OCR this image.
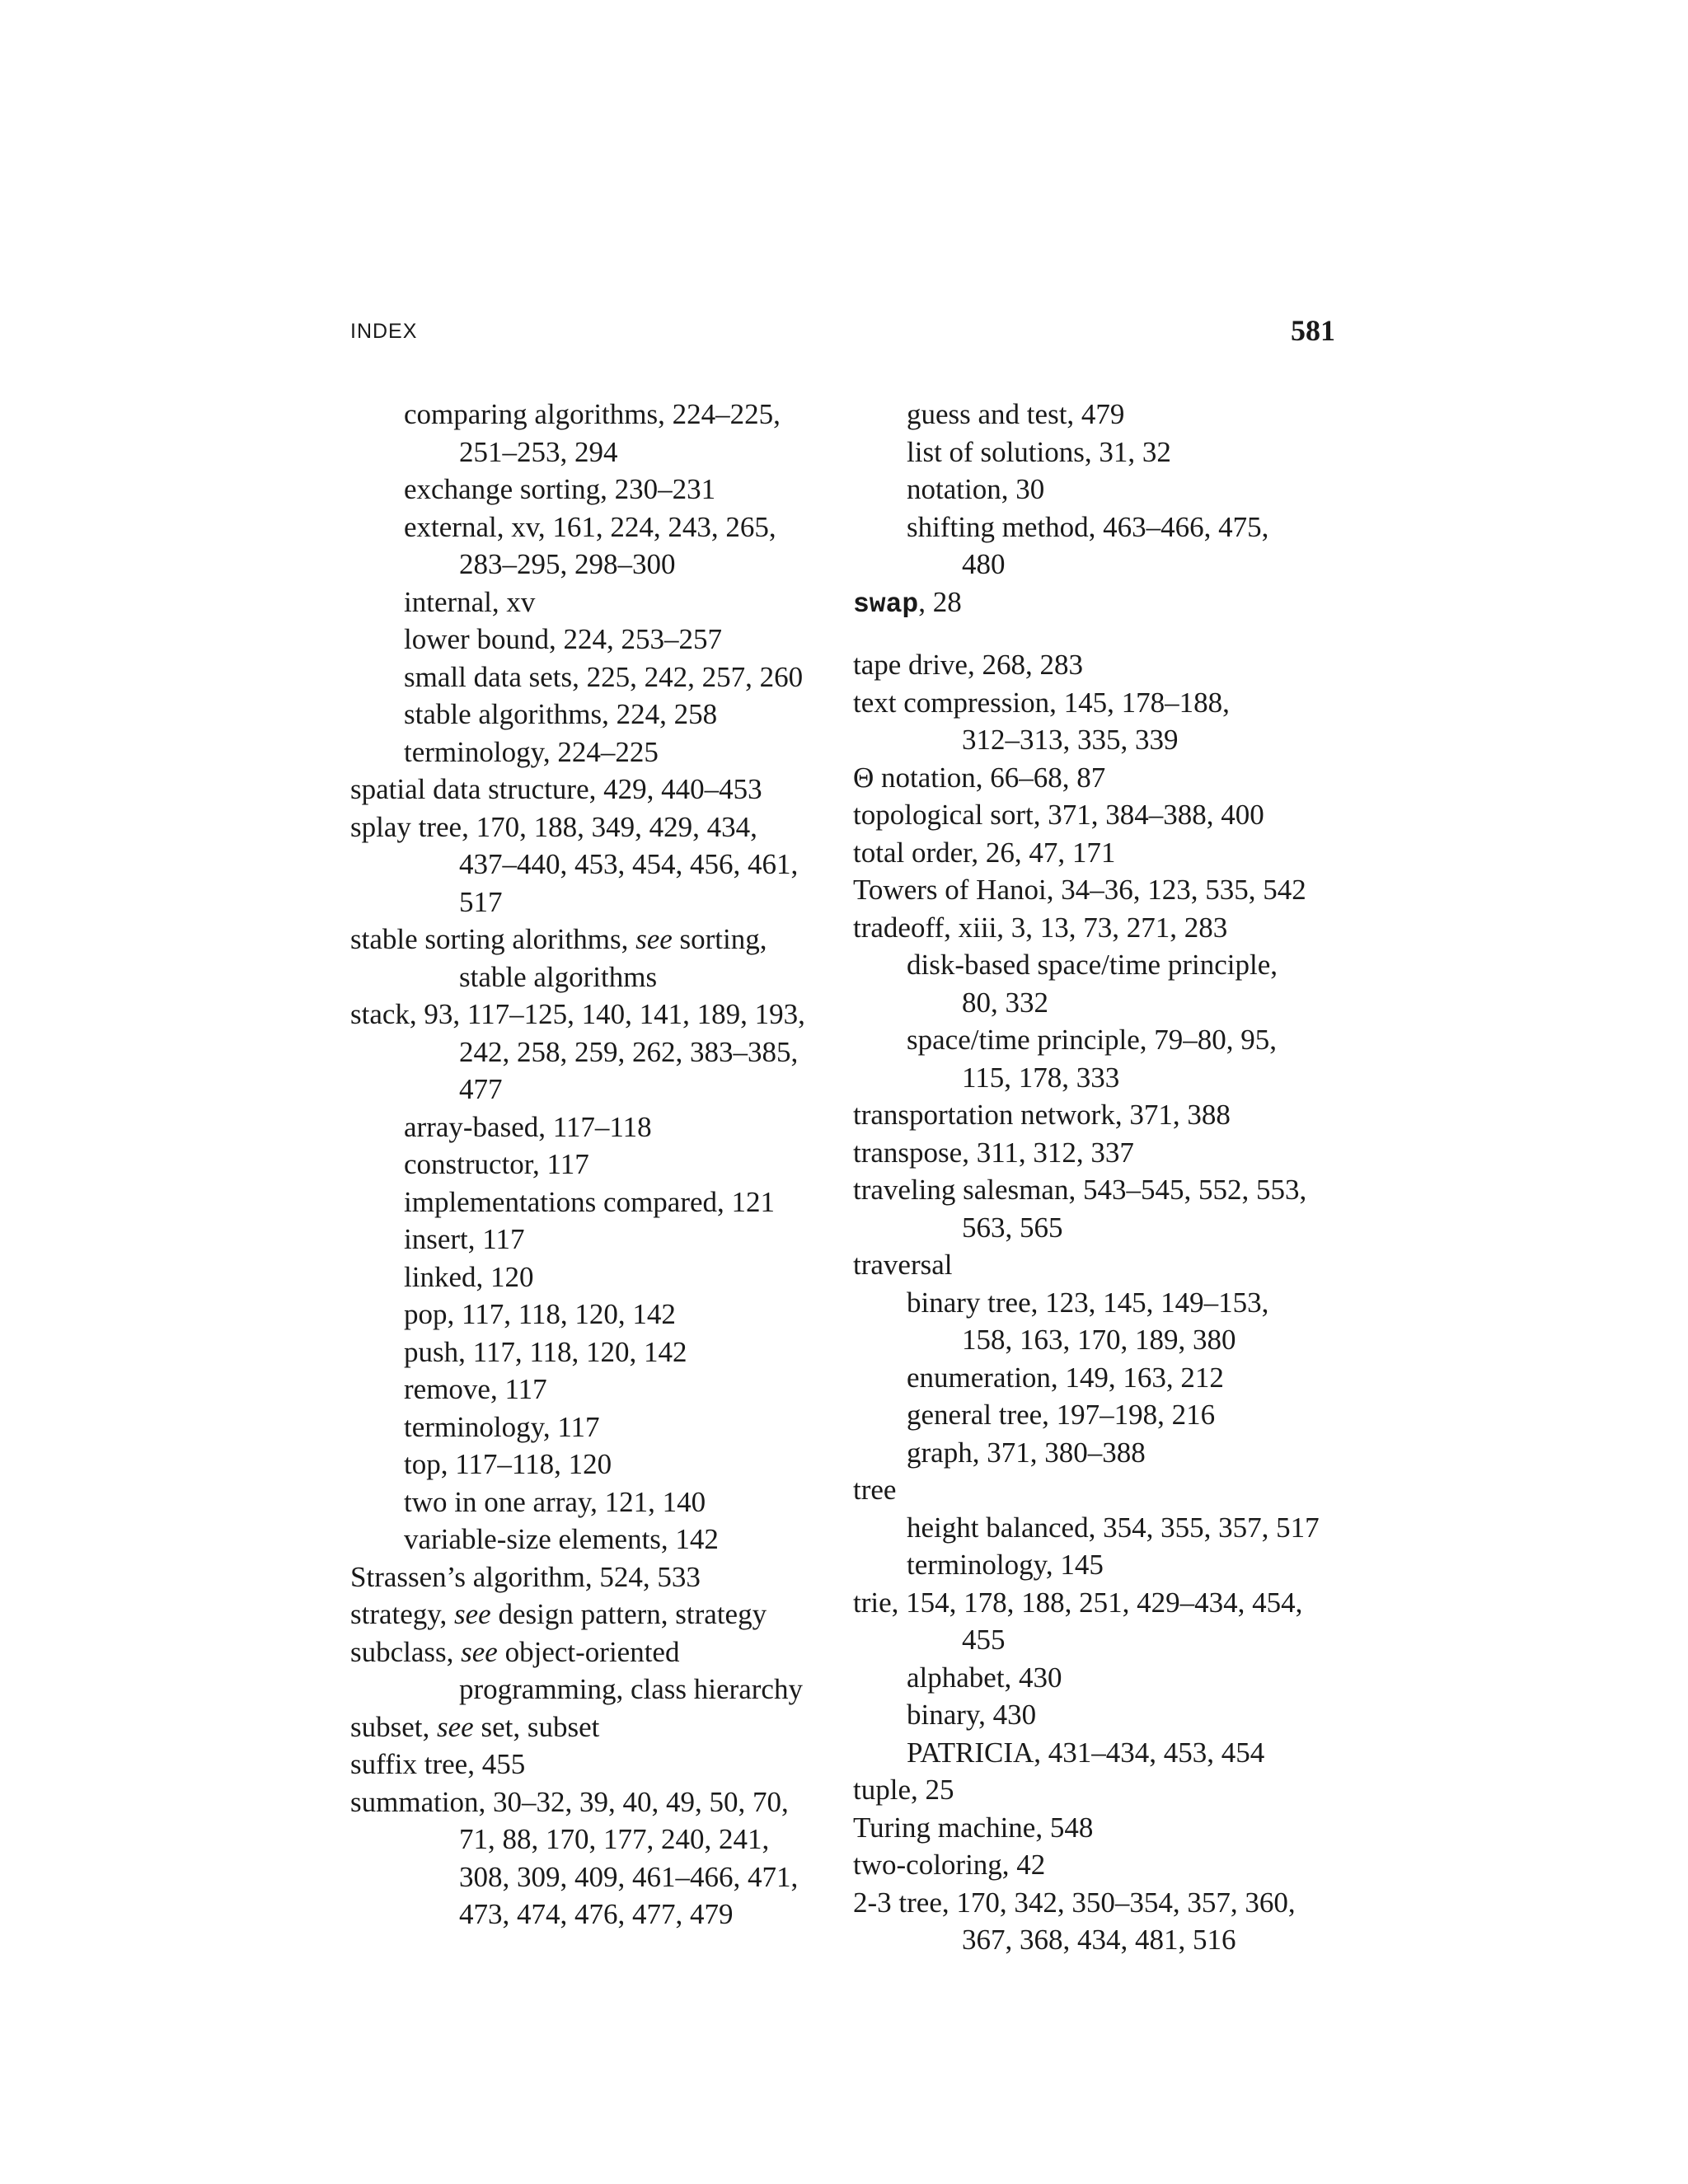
INDEX	581
comparing algorithms, 224–225,
251–253, 294
exchange sorting, 230–231
external, xv, 161, 224, 243, 265,
283–295, 298–300
internal, xv
lower bound, 224, 253–257
small data sets, 225, 242, 257, 260
stable algorithms, 224, 258
terminology, 224–225
spatial data structure, 429, 440–453
splay tree, 170, 188, 349, 429, 434,
437–440, 453, 454, 456, 461,
517
stable sorting alorithms, see sorting,
stable algorithms
stack, 93, 117–125, 140, 141, 189, 193,
242, 258, 259, 262, 383–385,
477
array-based, 117–118
constructor, 117
implementations compared, 121
insert, 117
linked, 120
pop, 117, 118, 120, 142
push, 117, 118, 120, 142
remove, 117
terminology, 117
top, 117–118, 120
two in one array, 121, 140
variable-size elements, 142
Strassen’s algorithm, 524, 533
strategy, see design pattern, strategy
subclass, see object-oriented
programming, class hierarchy
subset, see set, subset
suffix tree, 455
summation, 30–32, 39, 40, 49, 50, 70,
71, 88, 170, 177, 240, 241,
308, 309, 409, 461–466, 471,
473, 474, 476, 477, 479
guess and test, 479
list of solutions, 31, 32
notation, 30
shifting method, 463–466, 475,
480
swap, 28
tape drive, 268, 283
text compression, 145, 178–188,
312–313, 335, 339
Θ notation, 66–68, 87
topological sort, 371, 384–388, 400
total order, 26, 47, 171
Towers of Hanoi, 34–36, 123, 535, 542
tradeoff, xiii, 3, 13, 73, 271, 283
disk-based space/time principle,
80, 332
space/time principle, 79–80, 95,
115, 178, 333
transportation network, 371, 388
transpose, 311, 312, 337
traveling salesman, 543–545, 552, 553,
563, 565
traversal
binary tree, 123, 145, 149–153,
158, 163, 170, 189, 380
enumeration, 149, 163, 212
general tree, 197–198, 216
graph, 371, 380–388
tree
height balanced, 354, 355, 357, 517
terminology, 145
trie, 154, 178, 188, 251, 429–434, 454,
455
alphabet, 430
binary, 430
PATRICIA, 431–434, 453, 454
tuple, 25
Turing machine, 548
two-coloring, 42
2-3 tree, 170, 342, 350–354, 357, 360,
367, 368, 434, 481, 516
